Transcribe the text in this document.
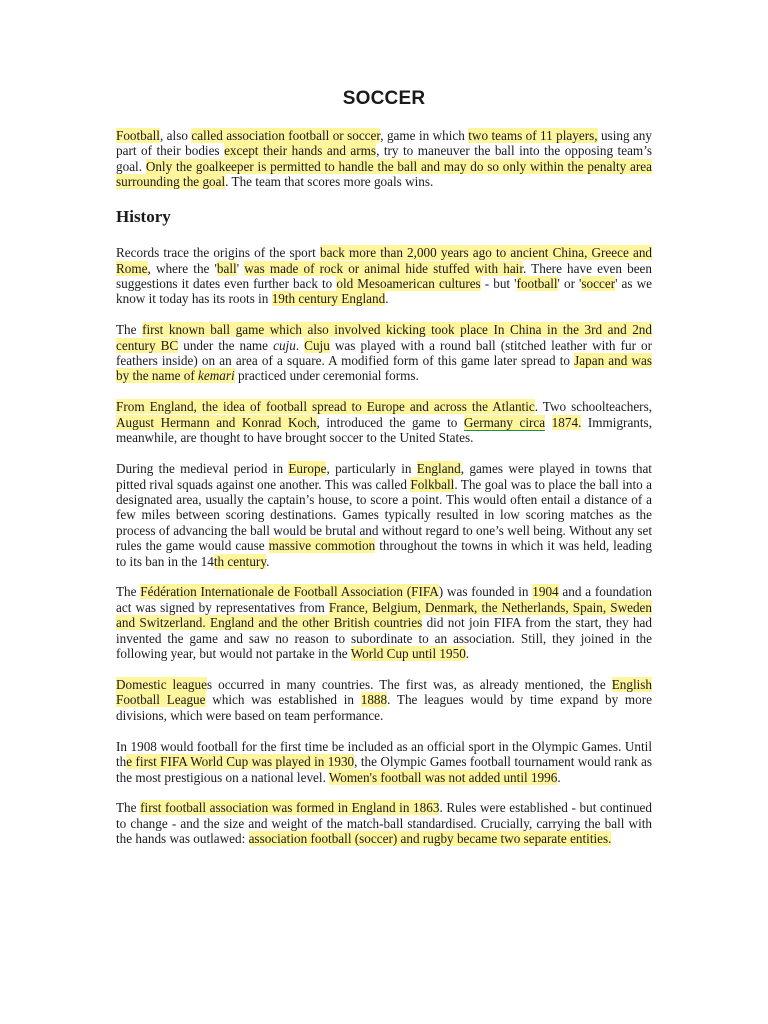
SOCCER

Football, also called association football or soccer, game in which two teams of 11 players, using any part of their bodies except their hands and arms, try to maneuver the ball into the opposing team’s goal. Only the goalkeeper is permitted to handle the ball and may do so only within the penalty area surrounding the goal. The team that scores more goals wins.

History

Records trace the origins of the sport back more than 2,000 years ago to ancient China, Greece and Rome, where the 'ball' was made of rock or animal hide stuffed with hair. There have even been suggestions it dates even further back to old Mesoamerican cultures - but 'football' or 'soccer' as we know it today has its roots in 19th century England.

The first known ball game which also involved kicking took place In China in the 3rd and 2nd century BC under the name cuju. Cuju was played with a round ball (stitched leather with fur or feathers inside) on an area of a square. A modified form of this game later spread to Japan and was by the name of kemari practiced under ceremonial forms.

From England, the idea of football spread to Europe and across the Atlantic. Two schoolteachers, August Hermann and Konrad Koch, introduced the game to Germany circa 1874. Immigrants, meanwhile, are thought to have brought soccer to the United States.

During the medieval period in Europe, particularly in England, games were played in towns that pitted rival squads against one another. This was called Folkball. The goal was to place the ball into a designated area, usually the captain’s house, to score a point. This would often entail a distance of a few miles between scoring destinations. Games typically resulted in low scoring matches as the process of advancing the ball would be brutal and without regard to one’s well being. Without any set rules the game would cause massive commotion throughout the towns in which it was held, leading to its ban in the 14th century.

The Fédération Internationale de Football Association (FIFA) was founded in 1904 and a foundation act was signed by representatives from France, Belgium, Denmark, the Netherlands, Spain, Sweden and Switzerland. England and the other British countries did not join FIFA from the start, they had invented the game and saw no reason to subordinate to an association. Still, they joined in the following year, but would not partake in the World Cup until 1950.

Domestic leagues occurred in many countries. The first was, as already mentioned, the English Football League which was established in 1888. The leagues would by time expand by more divisions, which were based on team performance.

In 1908 would football for the first time be included as an official sport in the Olympic Games. Until the first FIFA World Cup was played in 1930, the Olympic Games football tournament would rank as the most prestigious on a national level. Women's football was not added until 1996.

The first football association was formed in England in 1863. Rules were established - but continued to change - and the size and weight of the match-ball standardised. Crucially, carrying the ball with the hands was outlawed: association football (soccer) and rugby became two separate entities.
